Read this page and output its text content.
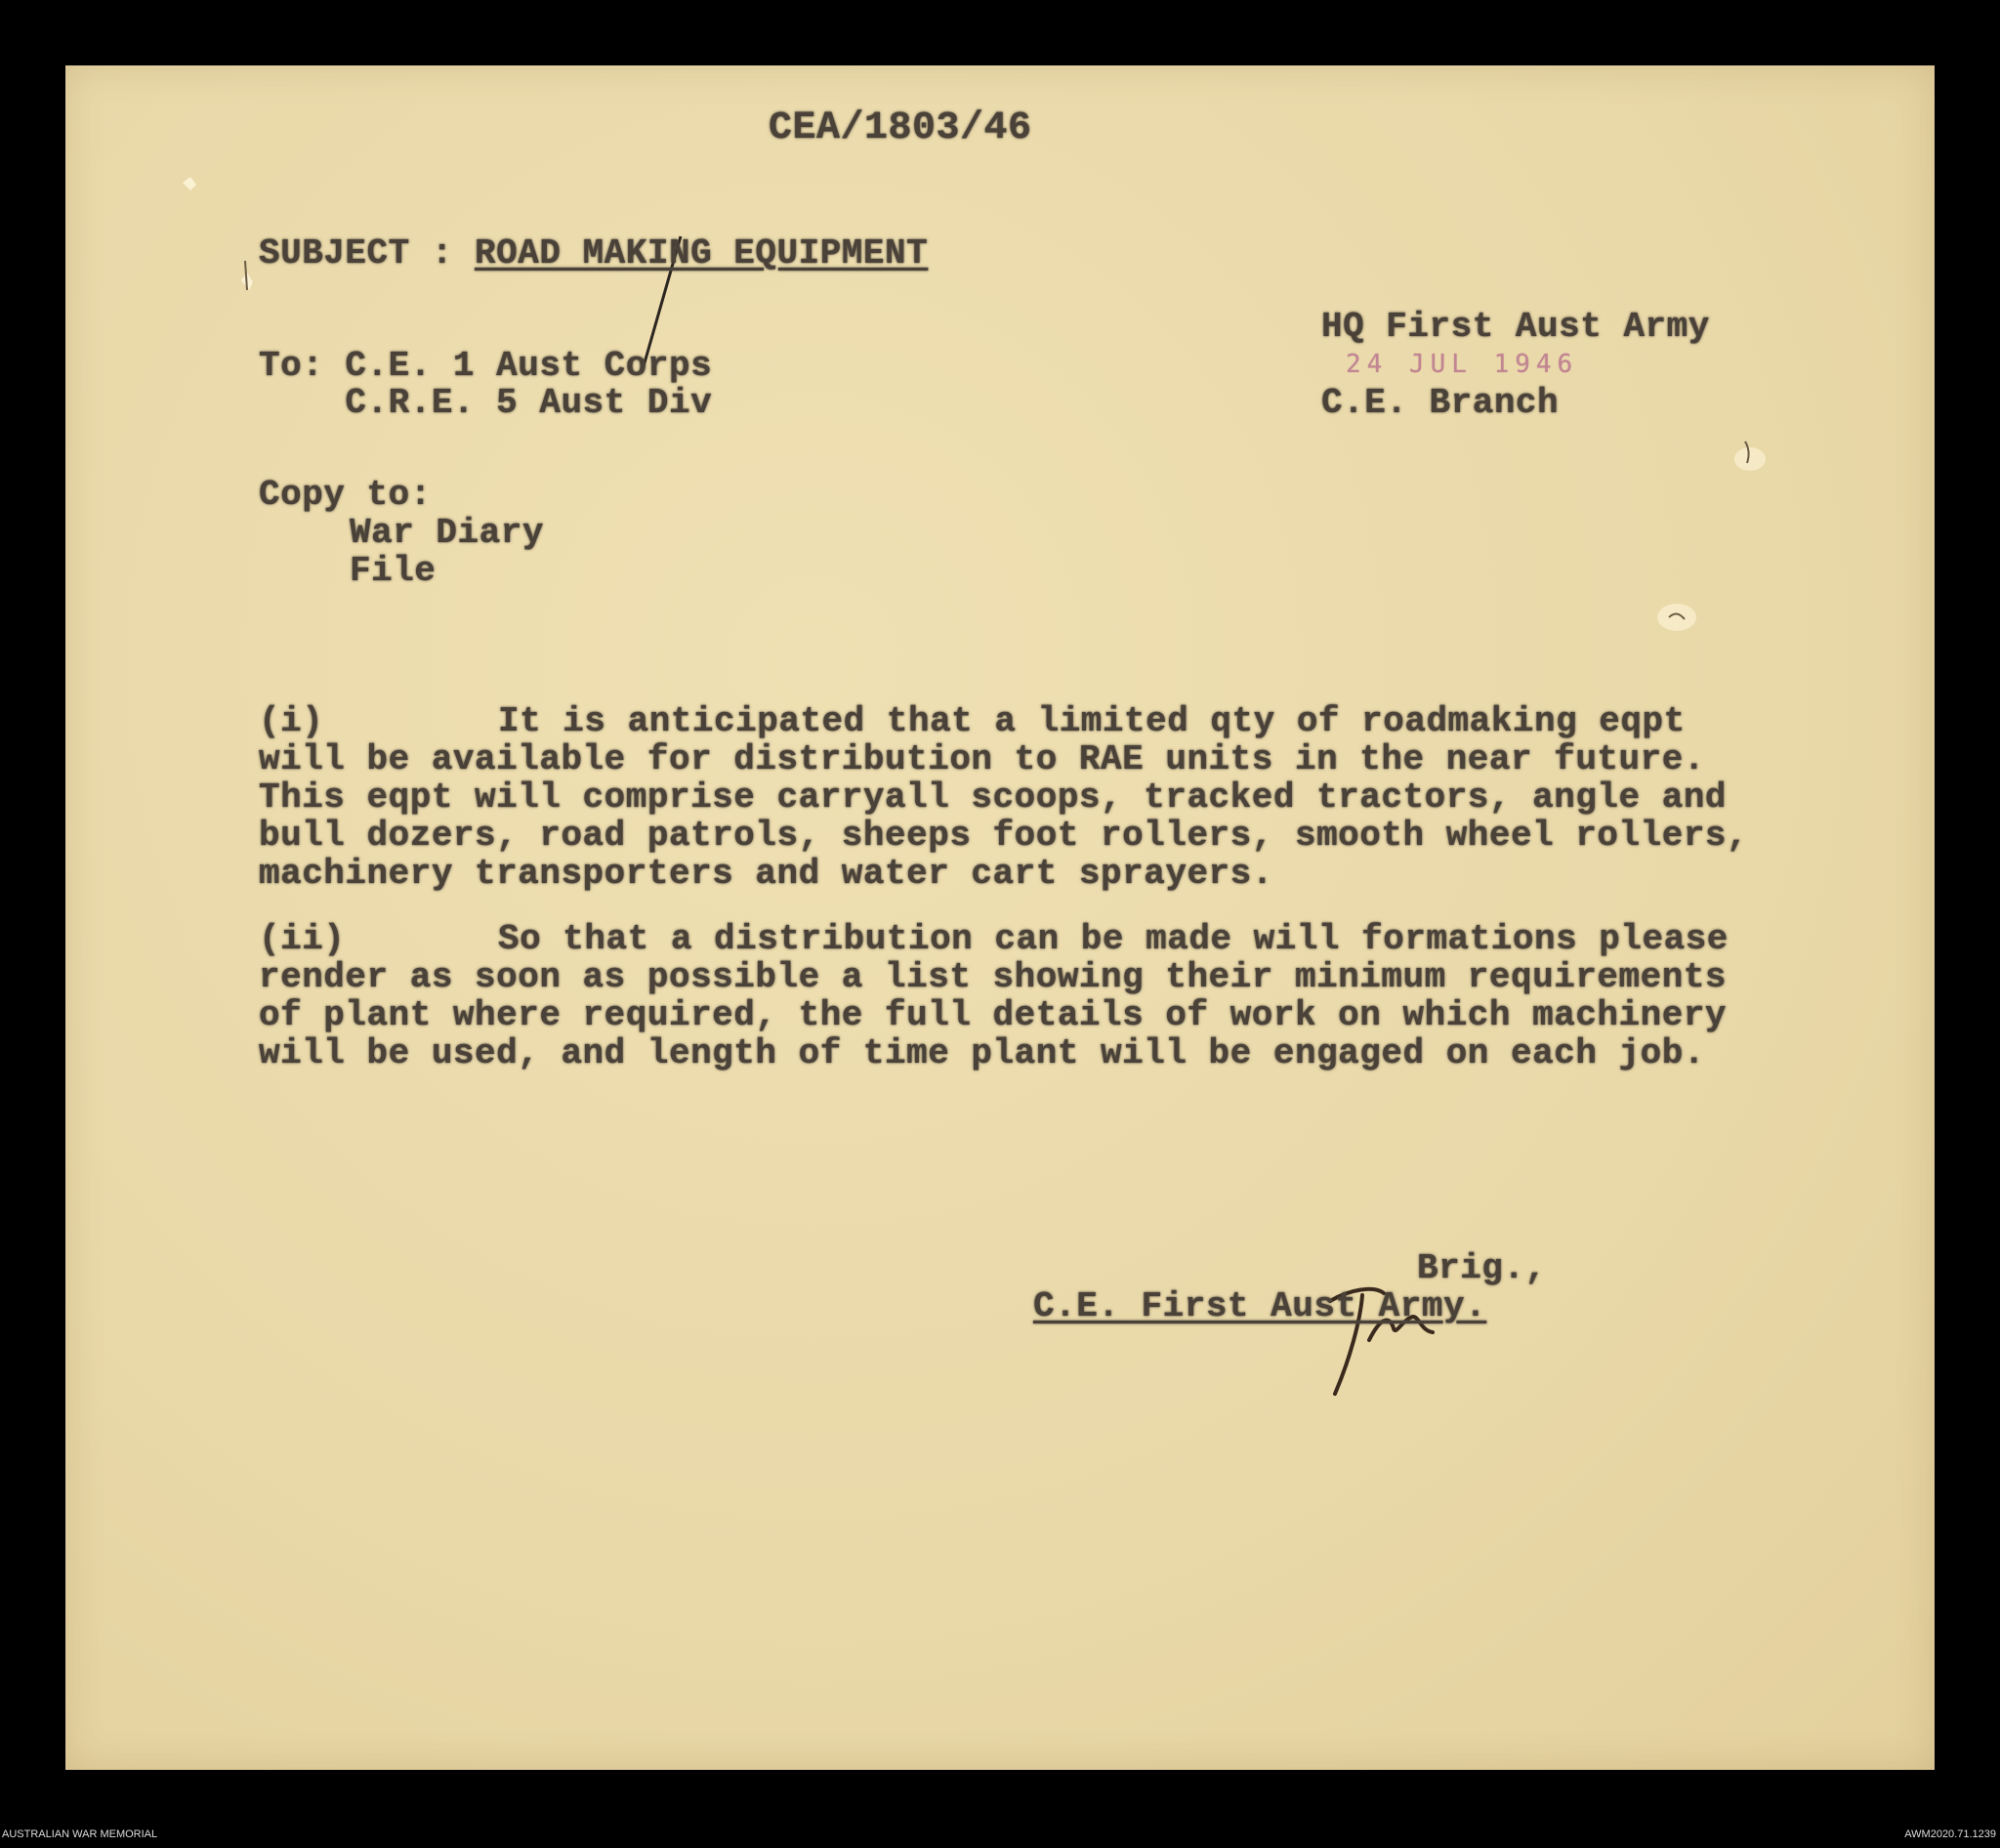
CEA/1803/46
SUBJECT : ROAD MAKING EQUIPMENT
HQ First Aust Army
24 JUL 1946
C.E. Branch
To: C.E. 1 Aust Corps
C.R.E. 5 Aust Div
Copy to:
War Diary
File
(i)	It is anticipated that a limited qty of roadmaking eqpt
will be available for distribution to RAE units in the near future.
This eqpt will comprise carryall scoops, tracked tractors, angle and
bull dozers, road patrols, sheeps foot rollers, smooth wheel rollers,
machinery transporters and water cart sprayers.
(ii)	So that a distribution can be made will formations please
render as soon as possible a list showing their minimum requirements
of plant where required, the full details of work on which machinery
will be used, and length of time plant will be engaged on each job.
Brig.,
C.E. First Aust Army.
AUSTRALIAN WAR MEMORIAL	AWM2020.71.1239
